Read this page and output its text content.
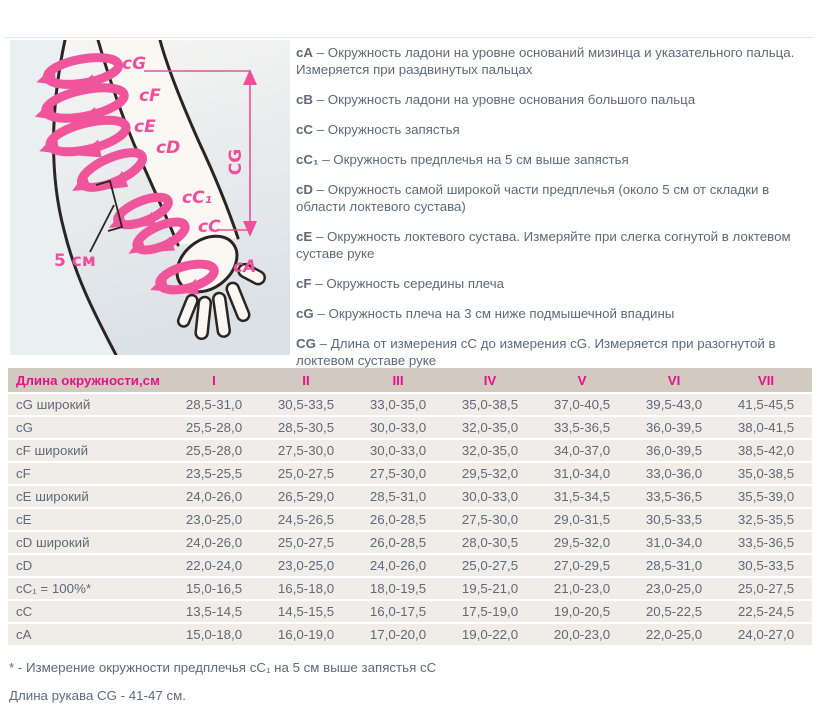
cG
cF
cE
cD
cC₁
cC
cA
CG
5 см

cA – Окружность ладони на уровне оснований мизинца и указательного пальца. Измеряется при раздвинутых пальцах

cB – Окружность ладони на уровне основания большого пальца

cC – Окружность запястья

cC₁ – Окружность предплечья на 5 см выше запястья

cD – Окружность самой широкой части предплечья (около 5 см от складки в области локтевого сустава)

cE – Окружность локтевого сустава. Измеряйте при слегка согнутой в локтевом суставе руке

cF – Окружность середины плеча

cG – Окружность плеча на 3 см ниже подмышечной впадины

CG – Длина от измерения cC до измерения cG. Измеряется при разогнутой в локтевом суставе руке

Длина окружности,см	I	II	III	IV	V	VI	VII
cG широкий	28,5-31,0	30,5-33,5	33,0-35,0	35,0-38,5	37,0-40,5	39,5-43,0	41,5-45,5
cG	25,5-28,0	28,5-30,5	30,0-33,0	32,0-35,0	33,5-36,5	36,0-39,5	38,0-41,5
cF широкий	25,5-28,0	27,5-30,0	30,0-33,0	32,0-35,0	34,0-37,0	36,0-39,5	38,5-42,0
cF	23,5-25,5	25,0-27,5	27,5-30,0	29,5-32,0	31,0-34,0	33,0-36,0	35,0-38,5
cE широкий	24,0-26,0	26,5-29,0	28,5-31,0	30,0-33,0	31,5-34,5	33,5-36,5	35,5-39,0
cE	23,0-25,0	24,5-26,5	26,0-28,5	27,5-30,0	29,0-31,5	30,5-33,5	32,5-35,5
cD широкий	24,0-26,0	25,0-27,5	26,0-28,5	28,0-30,5	29,5-32,0	31,0-34,0	33,5-36,5
cD	22,0-24,0	23,0-25,0	24,0-26,0	25,0-27,5	27,0-29,5	28,5-31,0	30,5-33,5
cC₁ = 100%*	15,0-16,5	16,5-18,0	18,0-19,5	19,5-21,0	21,0-23,0	23,0-25,0	25,0-27,5
cC	13,5-14,5	14,5-15,5	16,0-17,5	17,5-19,0	19,0-20,5	20,5-22,5	22,5-24,5
cA	15,0-18,0	16,0-19,0	17,0-20,0	19,0-22,0	20,0-23,0	22,0-25,0	24,0-27,0

* - Измерение окружности предплечья cC₁ на 5 см выше запястья cC

Длина рукава CG - 41-47 см.
